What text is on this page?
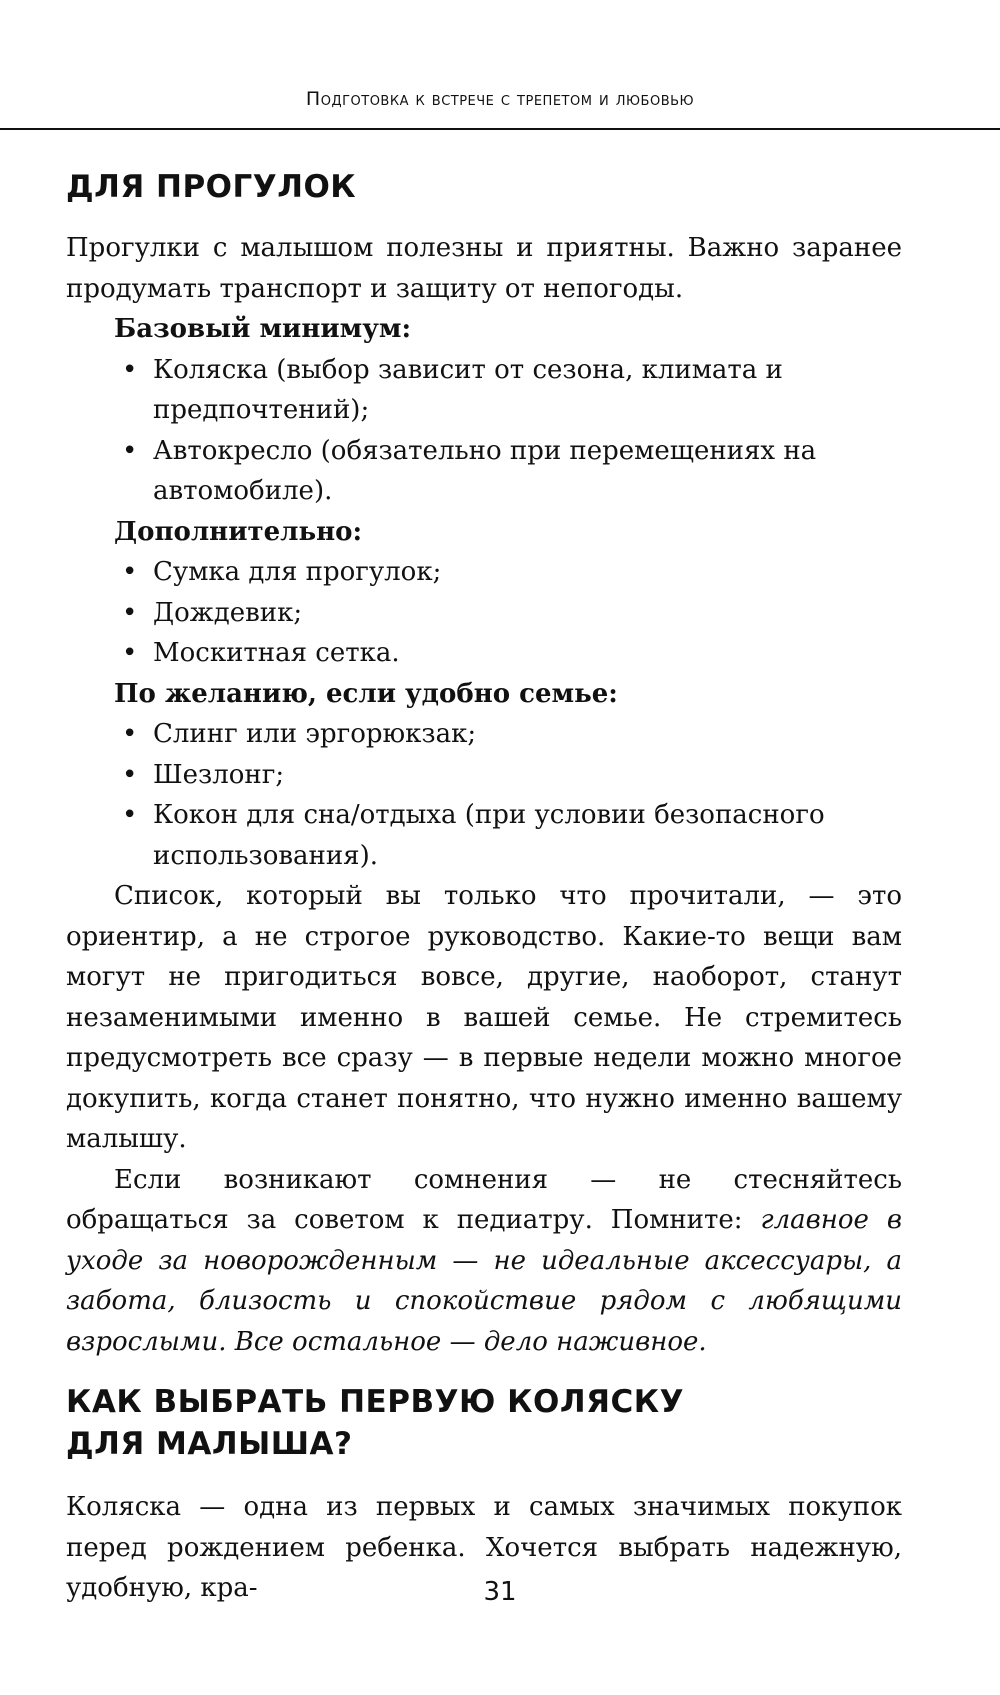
Подготовка к встрече с трепетом и любовью
ДЛЯ ПРОГУЛОК

Прогулки с малышом полезны и приятны. Важно заранее продумать транспорт и защиту от непогоды.

Базовый минимум:
• Коляска (выбор зависит от сезона, климата и предпочтений);
• Автокресло (обязательно при перемещениях на автомобиле).
Дополнительно:
• Сумка для прогулок;
• Дождевик;
• Москитная сетка.
По желанию, если удобно семье:
• Слинг или эргорюкзак;
• Шезлонг;
• Кокон для сна/отдыха (при условии безопасного использования).

Список, который вы только что прочитали, — это ориентир, а не строгое руководство. Какие-то вещи вам могут не пригодиться вовсе, другие, наоборот, станут незаменимыми именно в вашей семье. Не стремитесь предусмотреть все сразу — в первые недели можно многое докупить, когда станет понятно, что нужно именно вашему малышу.

Если возникают сомнения — не стесняйтесь обращаться за советом к педиатру. Помните: главное в уходе за новорожденным — не идеальные аксессуары, а забота, близость и спокойствие рядом с любящими взрослыми. Все остальное — дело наживное.

КАК ВЫБРАТЬ ПЕРВУЮ КОЛЯСКУ
ДЛЯ МАЛЫША?

Коляска — одна из первых и самых значимых покупок перед рождением ребенка. Хочется выбрать надежную, удобную, кра-	31
